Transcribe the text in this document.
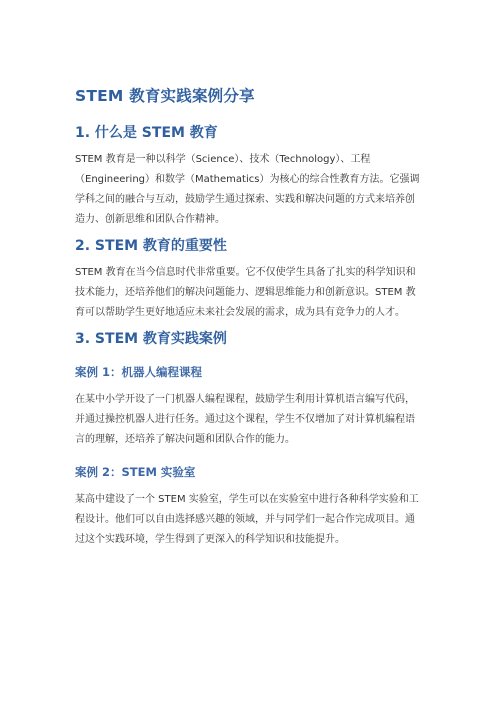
STEM 教育实践案例分享
1. 什么是 STEM 教育

STEM 教育是一种以科学（Science）、技术（Technology）、工程
（Engineering）和数学（Mathematics）为核心的综合性教育方法。它强调
学科之间的融合与互动，鼓励学生通过探索、实践和解决问题的方式来培养创
造力、创新思维和团队合作精神。

2. STEM 教育的重要性

STEM 教育在当今信息时代非常重要。它不仅使学生具备了扎实的科学知识和
技术能力，还培养他们的解决问题能力、逻辑思维能力和创新意识。STEM 教
育可以帮助学生更好地适应未来社会发展的需求，成为具有竞争力的人才。

3. STEM 教育实践案例
案例 1：机器人编程课程

在某中小学开设了一门机器人编程课程，鼓励学生利用计算机语言编写代码，
并通过操控机器人进行任务。通过这个课程，学生不仅增加了对计算机编程语
言的理解，还培养了解决问题和团队合作的能力。

案例 2：STEM 实验室

某高中建设了一个 STEM 实验室，学生可以在实验室中进行各种科学实验和工
程设计。他们可以自由选择感兴趣的领域，并与同学们一起合作完成项目。通
过这个实践环境，学生得到了更深入的科学知识和技能提升。
